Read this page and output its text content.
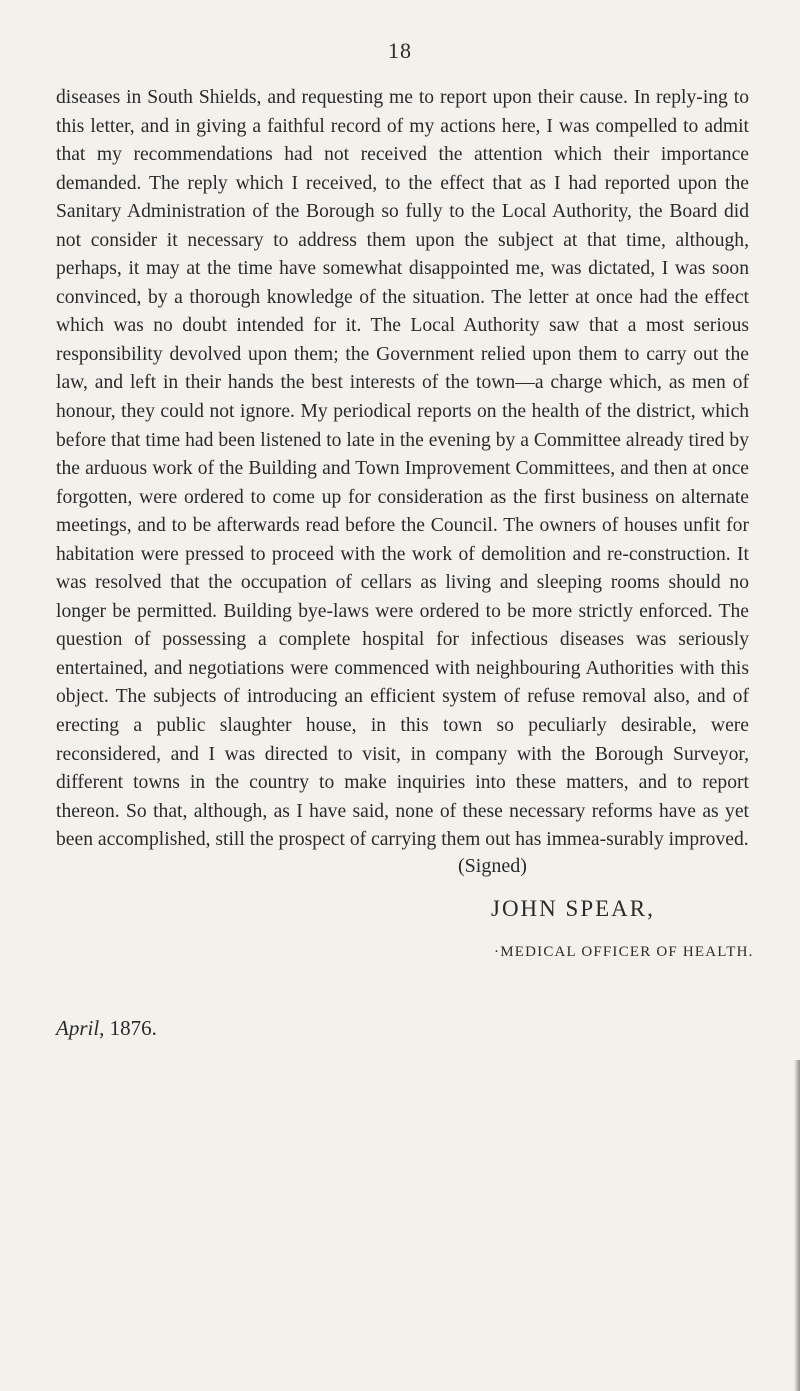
18

diseases in South Shields, and requesting me to report upon their cause. In reply-ing to this letter, and in giving a faithful record of my actions here, I was compelled to admit that my recommendations had not received the attention which their importance demanded. The reply which I received, to the effect that as I had reported upon the Sanitary Administration of the Borough so fully to the Local Authority, the Board did not consider it necessary to address them upon the subject at that time, although, perhaps, it may at the time have somewhat disappointed me, was dictated, I was soon convinced, by a thorough knowledge of the situation. The letter at once had the effect which was no doubt intended for it. The Local Authority saw that a most serious responsibility devolved upon them; the Government relied upon them to carry out the law, and left in their hands the best interests of the town—a charge which, as men of honour, they could not ignore. My periodical reports on the health of the district, which before that time had been listened to late in the evening by a Committee already tired by the arduous work of the Building and Town Improvement Committees, and then at once forgotten, were ordered to come up for consideration as the first business on alternate meetings, and to be afterwards read before the Council. The owners of houses unfit for habitation were pressed to proceed with the work of demolition and re-construction. It was resolved that the occupation of cellars as living and sleeping rooms should no longer be permitted. Building bye-laws were ordered to be more strictly enforced. The question of possessing a complete hospital for infectious diseases was seriously entertained, and negotiations were commenced with neighbouring Authorities with this object. The subjects of introducing an efficient system of refuse removal also, and of erecting a public slaughter house, in this town so peculiarly desirable, were reconsidered, and I was directed to visit, in company with the Borough Surveyor, different towns in the country to make inquiries into these matters, and to report thereon. So that, although, as I have said, none of these necessary reforms have as yet been accomplished, still the prospect of carrying them out has immea-surably improved.

(Signed)
JOHN SPEAR,
·MEDICAL OFFICER OF HEALTH.
April, 1876.
